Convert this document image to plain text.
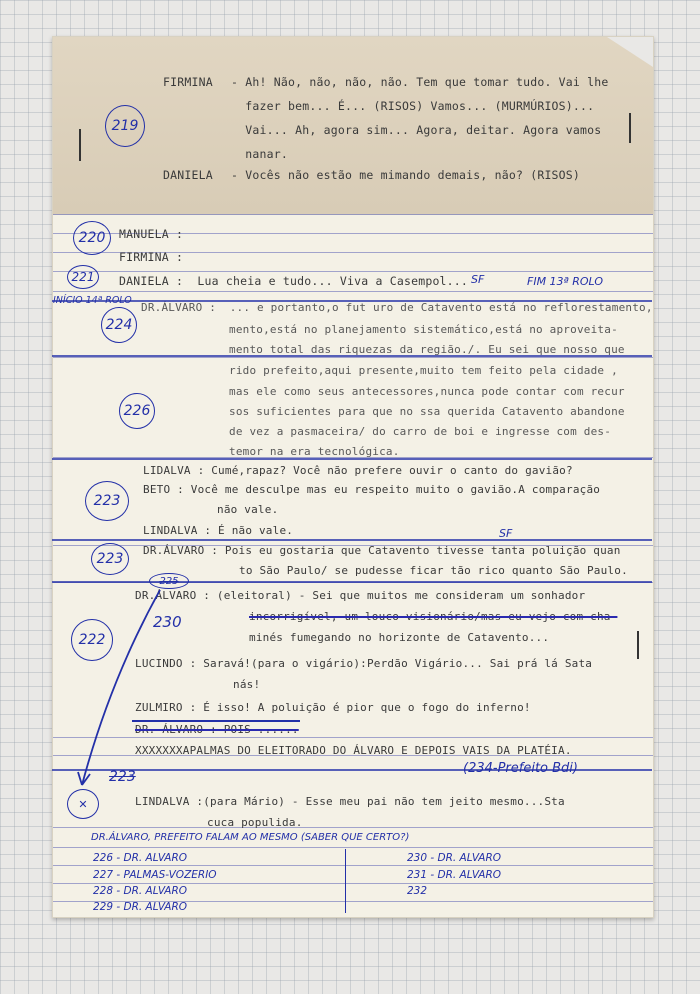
FIRMINA - Ah! Não, não, não, não. Tem que tomar tudo. Vai lhe
fazer bem... É... (RISOS) Vamos... (MURMÚRIOS)...
Vai... Ah, agora sim... Agora, deitar. Agora vamos
nanar.
DANIELA - Vocês não estão me mimando demais, não? (RISOS)
MANUELA :
FIRMINA :
DANIELA :  Lua cheia e tudo... Viva a Casempol...
DR.ÁLVARO :  ... e portanto,o fut uro de Catavento está no reflorestamento,
mento,está no planejamento sistemático,está no aproveita-
mento total das riquezas da região./. Eu sei que nosso que
rido prefeito,aqui presente,muito tem feito pela cidade ,
mas ele como seus antecessores,nunca pode contar com recur
sos suficientes para que no ssa querida Catavento abandone
de vez a pasmaceira/ do carro de boi e ingresse com des-
temor na era tecnológica.
LIDALVA : Cumé,rapaz? Você não prefere ouvir o canto do gavião?
BETO : Você me desculpe mas eu respeito muito o gavião.A comparação
não vale.
LINDALVA : É não vale.
DR.ÁLVARO : Pois eu gostaria que Catavento tivesse tanta poluição quan
to São Paulo/ se pudesse ficar tão rico quanto São Paulo.
DR.ÁLVARO : (eleitoral) - Sei que muitos me consideram um sonhador
incorrigível, um louco visionário/mas eu vejo com cha-
minés fumegando no horizonte de Catavento...
LUCINDO : Saravá!(para o vigário):Perdão Vigário... Sai prá lá Sata
nás!
ZULMIRO : É isso! A poluição é pior que o fogo do inferno!
DR. ÁLVARO : POIS ......
XXXXXXXAPALMAS DO ELEITORADO DO ÁLVARO E DEPOIS VAIS DA PLATÉIA.
LINDALVA :(para Mário) - Esse meu pai não tem jeito mesmo...Sta
cuca populida.
219
220
221
224
226
223
223
225
230
222
✕
223
SF	FIM 13ª ROLO
INÍCIO 14ª ROLO
SF
(234-Prefeito Bdi)
DR.ÁLVARO, PREFEITO FALAM AO MESMO (SABER QUE CERTO?)
226 - DR. ALVARO
227 - PALMAS-VOZERIO
228 - DR. ALVARO
229 - DR. ALVARO
230 - DR. ALVARO
231 - DR. ALVARO
232
